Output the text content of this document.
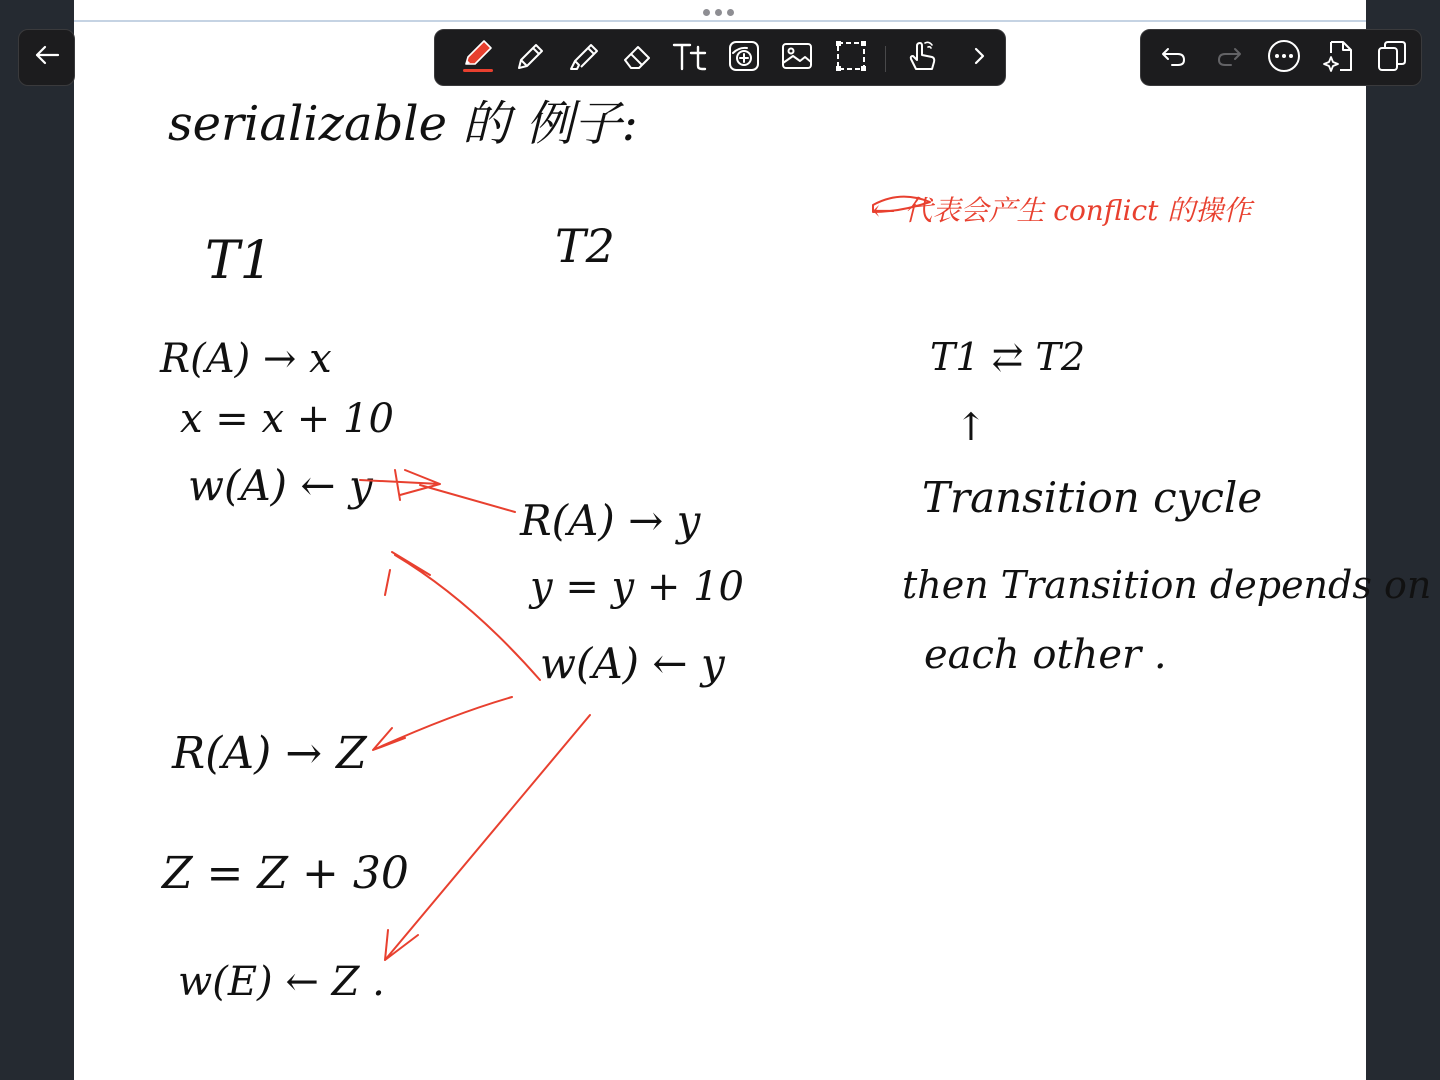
serializable 的 例子:
← 代表会产生 conflict 的操作
T1	T2
R(A) → x
x = x + 10
w(A) ← y
R(A) → y
y = y + 10
w(A) ← y
R(A) → Z
Z = Z + 30
w(E) ← Z .
T1 ⇄ T2
↑
Transition cycle
then Transition depends on
each other .
